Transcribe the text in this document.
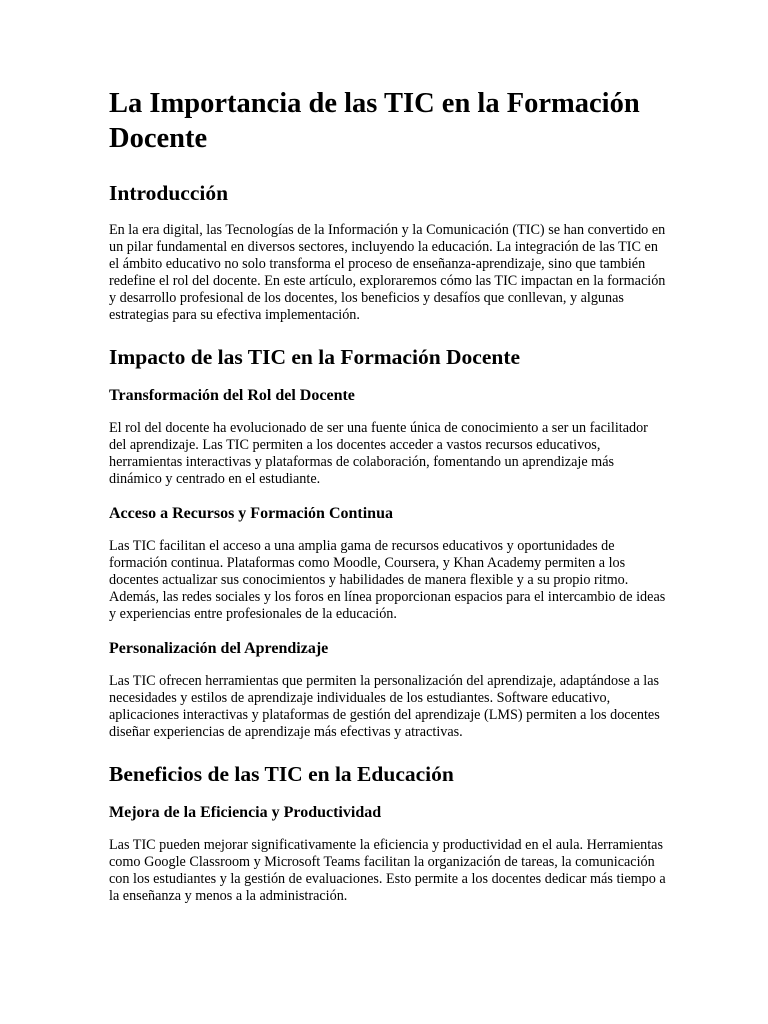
La Importancia de las TIC en la Formación Docente
Introducción

En la era digital, las Tecnologías de la Información y la Comunicación (TIC) se han convertido en un pilar fundamental en diversos sectores, incluyendo la educación. La integración de las TIC en el ámbito educativo no solo transforma el proceso de enseñanza-aprendizaje, sino que también redefine el rol del docente. En este artículo, exploraremos cómo las TIC impactan en la formación y desarrollo profesional de los docentes, los beneficios y desafíos que conllevan, y algunas estrategias para su efectiva implementación.

Impacto de las TIC en la Formación Docente
Transformación del Rol del Docente

El rol del docente ha evolucionado de ser una fuente única de conocimiento a ser un facilitador del aprendizaje. Las TIC permiten a los docentes acceder a vastos recursos educativos, herramientas interactivas y plataformas de colaboración, fomentando un aprendizaje más dinámico y centrado en el estudiante.

Acceso a Recursos y Formación Continua

Las TIC facilitan el acceso a una amplia gama de recursos educativos y oportunidades de formación continua. Plataformas como Moodle, Coursera, y Khan Academy permiten a los docentes actualizar sus conocimientos y habilidades de manera flexible y a su propio ritmo. Además, las redes sociales y los foros en línea proporcionan espacios para el intercambio de ideas y experiencias entre profesionales de la educación.

Personalización del Aprendizaje

Las TIC ofrecen herramientas que permiten la personalización del aprendizaje, adaptándose a las necesidades y estilos de aprendizaje individuales de los estudiantes. Software educativo, aplicaciones interactivas y plataformas de gestión del aprendizaje (LMS) permiten a los docentes diseñar experiencias de aprendizaje más efectivas y atractivas.

Beneficios de las TIC en la Educación
Mejora de la Eficiencia y Productividad

Las TIC pueden mejorar significativamente la eficiencia y productividad en el aula. Herramientas como Google Classroom y Microsoft Teams facilitan la organización de tareas, la comunicación con los estudiantes y la gestión de evaluaciones. Esto permite a los docentes dedicar más tiempo a la enseñanza y menos a la administración.
